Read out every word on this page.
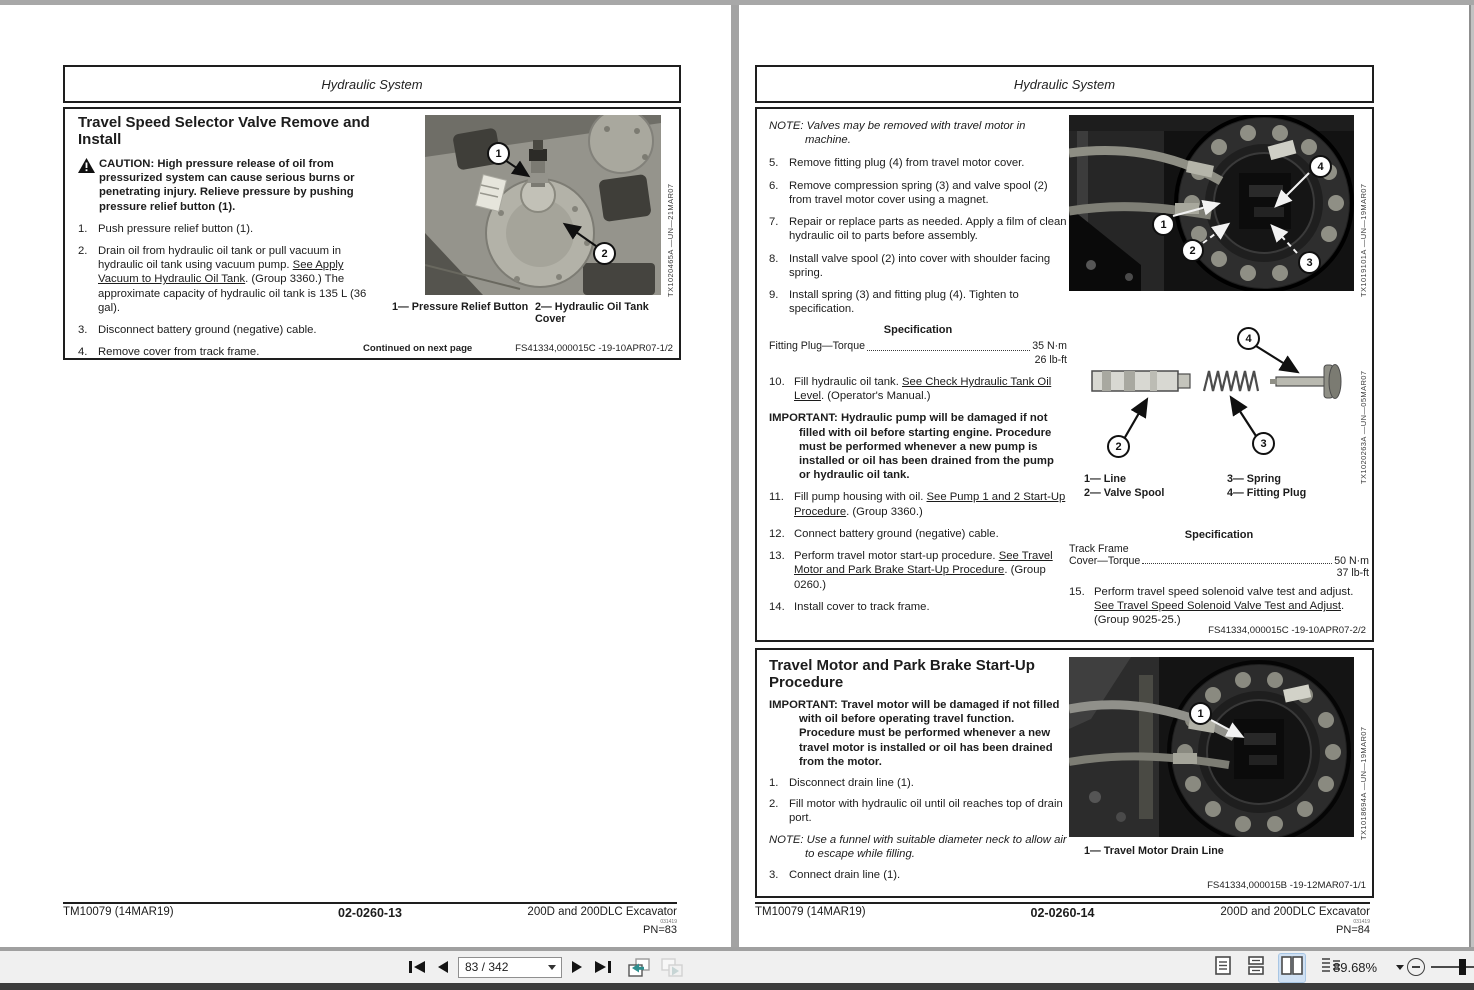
Hydraulic System
Travel Speed Selector Valve Remove and Install
CAUTION: High pressure release of oil from pressurized system can cause serious burns or penetrating injury. Relieve pressure by pushing pressure relief button (1).
1. Push pressure relief button (1).
2. Drain oil from hydraulic oil tank or pull vacuum in hydraulic oil tank using vacuum pump. See Apply Vacuum to Hydraulic Oil Tank. (Group 3360.) The approximate capacity of hydraulic oil tank is 135 L (36 gal).
3. Disconnect battery ground (negative) cable.
4. Remove cover from track frame.
1
2	TX1020465A —UN—21MAR07
1— Pressure Relief Button 2— Hydraulic Oil Tank Cover
Continued on next page	FS41334,000015C -19-10APR07-1/2
TM10079 (14MAR19)	02-0260-13	200D and 200DLC Excavator
031419
PN=83
Hydraulic System
NOTE: Valves may be removed with travel motor in machine.
5. Remove fitting plug (4) from travel motor cover.
6. Remove compression spring (3) and valve spool (2) from travel motor cover using a magnet.
7. Repair or replace parts as needed. Apply a film of clean hydraulic oil to parts before assembly.
8. Install valve spool (2) into cover with shoulder facing spring.
9. Install spring (3) and fitting plug (4). Tighten to specification.
Specification
Fitting Plug—Torque	35 N·m
26 lb-ft
10. Fill hydraulic oil tank. See Check Hydraulic Tank Oil Level. (Operator's Manual.)
IMPORTANT: Hydraulic pump will be damaged if not filled with oil before starting engine. Procedure must be performed whenever a new pump is installed or oil has been drained from the pump or hydraulic oil tank.
11. Fill pump housing with oil. See Pump 1 and 2 Start-Up Procedure. (Group 3360.)
12. Connect battery ground (negative) cable.
13. Perform travel motor start-up procedure. See Travel Motor and Park Brake Start-Up Procedure. (Group 0260.)
14. Install cover to track frame.
1
2
3
4
TX1019101A —UN—19MAR07
2	3
4
TX1020263A —UN—05MAR07
1— Line
2— Valve Spool
3— Spring
4— Fitting Plug
Specification
Track Frame
Cover—Torque	50 N·m
37 lb-ft
15. Perform travel speed solenoid valve test and adjust. See Travel Speed Solenoid Valve Test and Adjust. (Group 9025-25.)
FS41334,000015C -19-10APR07-2/2
Travel Motor and Park Brake Start-Up Procedure
IMPORTANT: Travel motor will be damaged if not filled with oil before operating travel function. Procedure must be performed whenever a new travel motor is installed or oil has been drained from the motor.
1. Disconnect drain line (1).
2. Fill motor with hydraulic oil until oil reaches top of drain port.
NOTE: Use a funnel with suitable diameter neck to allow air to escape while filling.
3. Connect drain line (1).
1
TX1018694A —UN—19MAR07
1— Travel Motor Drain Line
FS41334,000015B -19-12MAR07-1/1
TM10079 (14MAR19)	02-0260-14	200D and 200DLC Excavator
031419
PN=84
83 / 342	89.68%
